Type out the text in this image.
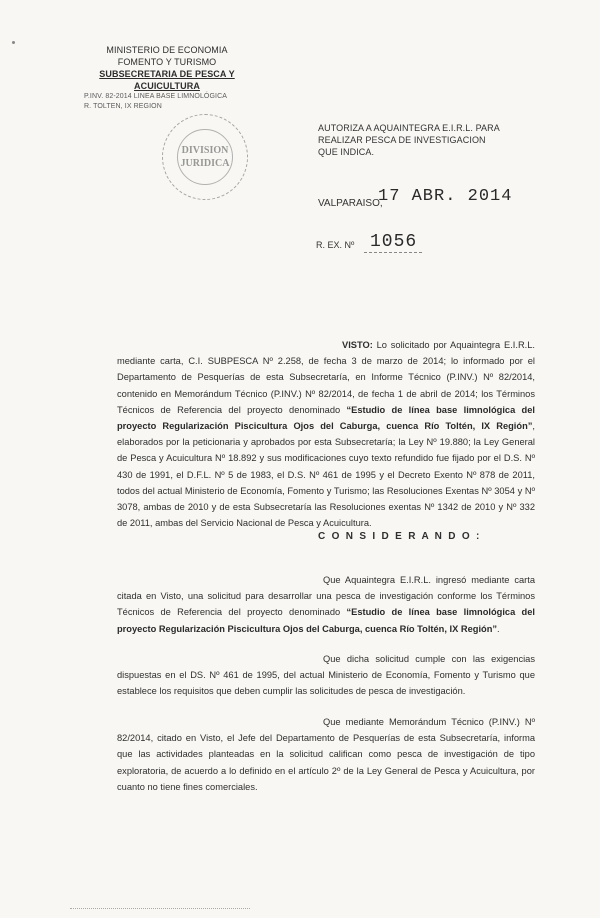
MINISTERIO DE ECONOMIA
FOMENTO Y TURISMO
SUBSECRETARIA DE PESCA Y ACUICULTURA
P.INV. 82-2014 LINEA BASE LIMNOLÓGICA
R. TOLTEN, IX REGION
DIVISION
JURIDICA
AUTORIZA A AQUAINTEGRA E.I.R.L. PARA REALIZAR PESCA DE INVESTIGACION QUE INDICA.
VALPARAISO,
17 ABR. 2014
R. EX. Nº 1056
VISTO: Lo solicitado por Aquaintegra E.I.R.L. mediante carta, C.I. SUBPESCA Nº 2.258, de fecha 3 de marzo de 2014; lo informado por el Departamento de Pesquerías de esta Subsecretaría, en Informe Técnico (P.INV.) Nº 82/2014, contenido en Memorándum Técnico (P.INV.) Nº 82/2014, de fecha 1 de abril de 2014; los Términos Técnicos de Referencia del proyecto denominado “Estudio de línea base limnológica del proyecto Regularización Piscicultura Ojos del Caburga, cuenca Río Toltén, IX Región”, elaborados por la peticionaria y aprobados por esta Subsecretaría; la Ley Nº 19.880; la Ley General de Pesca y Acuicultura Nº 18.892 y sus modificaciones cuyo texto refundido fue fijado por el D.S. Nº 430 de 1991, el D.F.L. Nº 5 de 1983, el D.S. Nº 461 de 1995 y el Decreto Exento Nº 878 de 2011, todos del actual Ministerio de Economía, Fomento y Turismo; las Resoluciones Exentas Nº 3054 y Nº 3078, ambas de 2010 y de esta Subsecretaría las Resoluciones exentas Nº 1342 de 2010 y Nº 332 de 2011, ambas del Servicio Nacional de Pesca y Acuicultura.
C O N S I D E R A N D O :
Que Aquaintegra E.I.R.L. ingresó mediante carta citada en Visto, una solicitud para desarrollar una pesca de investigación conforme los Términos Técnicos de Referencia del proyecto denominado “Estudio de línea base limnológica del proyecto Regularización Piscicultura Ojos del Caburga, cuenca Río Toltén, IX Región”.
Que dicha solicitud cumple con las exigencias dispuestas en el DS. Nº 461 de 1995, del actual Ministerio de Economía, Fomento y Turismo que establece los requisitos que deben cumplir las solicitudes de pesca de investigación.
Que mediante Memorándum Técnico (P.INV.) Nº 82/2014, citado en Visto, el Jefe del Departamento de Pesquerías de esta Subsecretaría, informa que las actividades planteadas en la solicitud califican como pesca de investigación de tipo exploratoria, de acuerdo a lo definido en el artículo 2º de la Ley General de Pesca y Acuicultura, por cuanto no tiene fines comerciales.
